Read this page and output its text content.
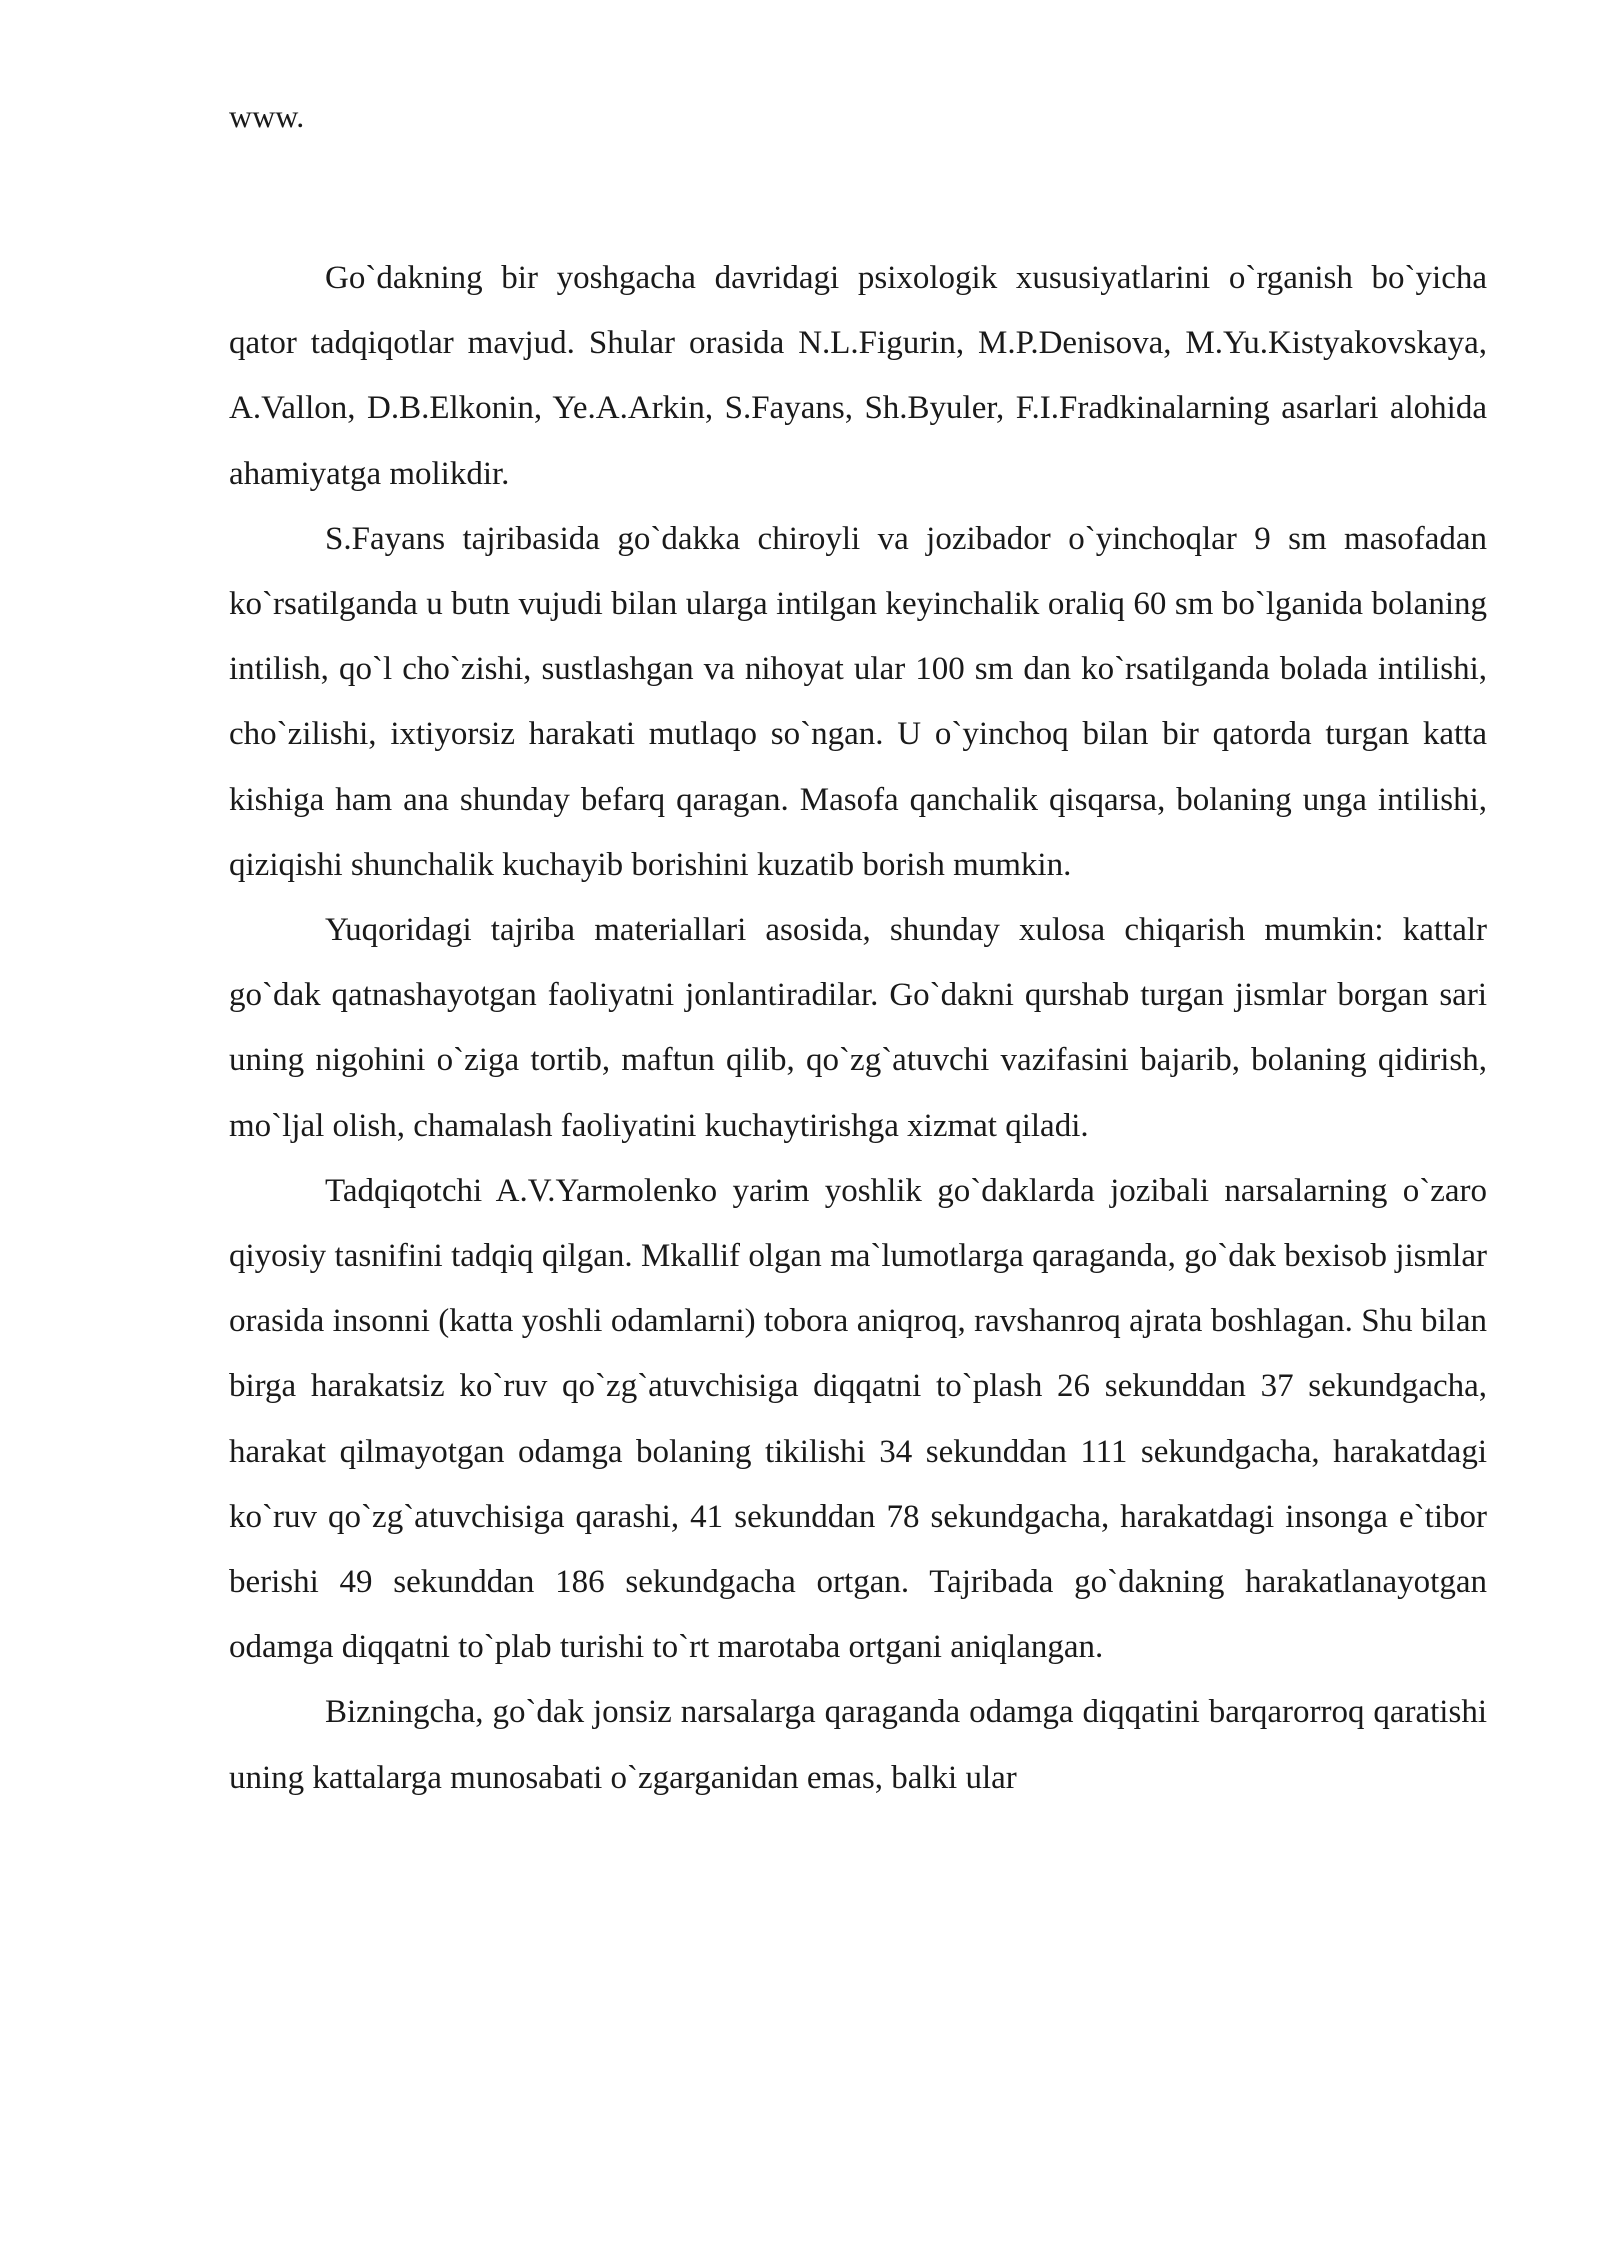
www.

Go`dakning bir yoshgacha davridagi psixologik xususiyatlarini o`rganish bo`yicha qator tadqiqotlar mavjud. Shular orasida N.L.Figurin, M.P.Denisova, M.Yu.Kistyakovskaya, A.Vallon, D.B.Elkonin, Ye.A.Arkin, S.Fayans, Sh.Byuler, F.I.Fradkinalarning asarlari alohida ahamiyatga molikdir.

S.Fayans tajribasida go`dakka chiroyli va jozibador o`yinchoqlar 9 sm masofadan ko`rsatilganda u butn vujudi bilan ularga intilgan keyinchalik oraliq 60 sm bo`lganida bolaning intilish, qo`l cho`zishi, sustlashgan va nihoyat ular 100 sm dan ko`rsatilganda bolada intilishi, cho`zilishi, ixtiyorsiz harakati mutlaqo so`ngan. U o`yinchoq bilan bir qatorda turgan katta kishiga ham ana shunday befarq qaragan. Masofa qanchalik qisqarsa, bolaning unga intilishi, qiziqishi shunchalik kuchayib borishini kuzatib borish mumkin.

Yuqoridagi tajriba materiallari asosida, shunday xulosa chiqarish mumkin: kattalr go`dak qatnashayotgan faoliyatni jonlantiradilar. Go`dakni qurshab turgan jismlar borgan sari uning nigohini o`ziga tortib, maftun qilib, qo`zg`atuvchi vazifasini bajarib, bolaning qidirish, mo`ljal olish, chamalash faoliyatini kuchaytirishga xizmat qiladi.

Tadqiqotchi A.V.Yarmolenko yarim yoshlik go`daklarda jozibali narsalarning o`zaro qiyosiy tasnifini tadqiq qilgan. Mkallif olgan ma`lumotlarga qaraganda, go`dak bexisob jismlar orasida insonni (katta yoshli odamlarni) tobora aniqroq, ravshanroq ajrata boshlagan. Shu bilan birga harakatsiz ko`ruv qo`zg`atuvchisiga diqqatni to`plash 26 sekunddan 37 sekundgacha, harakat qilmayotgan odamga bolaning tikilishi 34 sekunddan 111 sekundgacha, harakatdagi ko`ruv qo`zg`atuvchisiga qarashi, 41 sekunddan 78 sekundgacha, harakatdagi insonga e`tibor berishi 49 sekunddan 186 sekundgacha ortgan. Tajribada go`dakning harakatlanayotgan odamga diqqatni to`plab turishi to`rt marotaba ortgani aniqlangan.

Bizningcha, go`dak jonsiz narsalarga qaraganda odamga diqqatini barqarorroq qaratishi uning kattalarga munosabati o`zgarganidan emas, balki ular
